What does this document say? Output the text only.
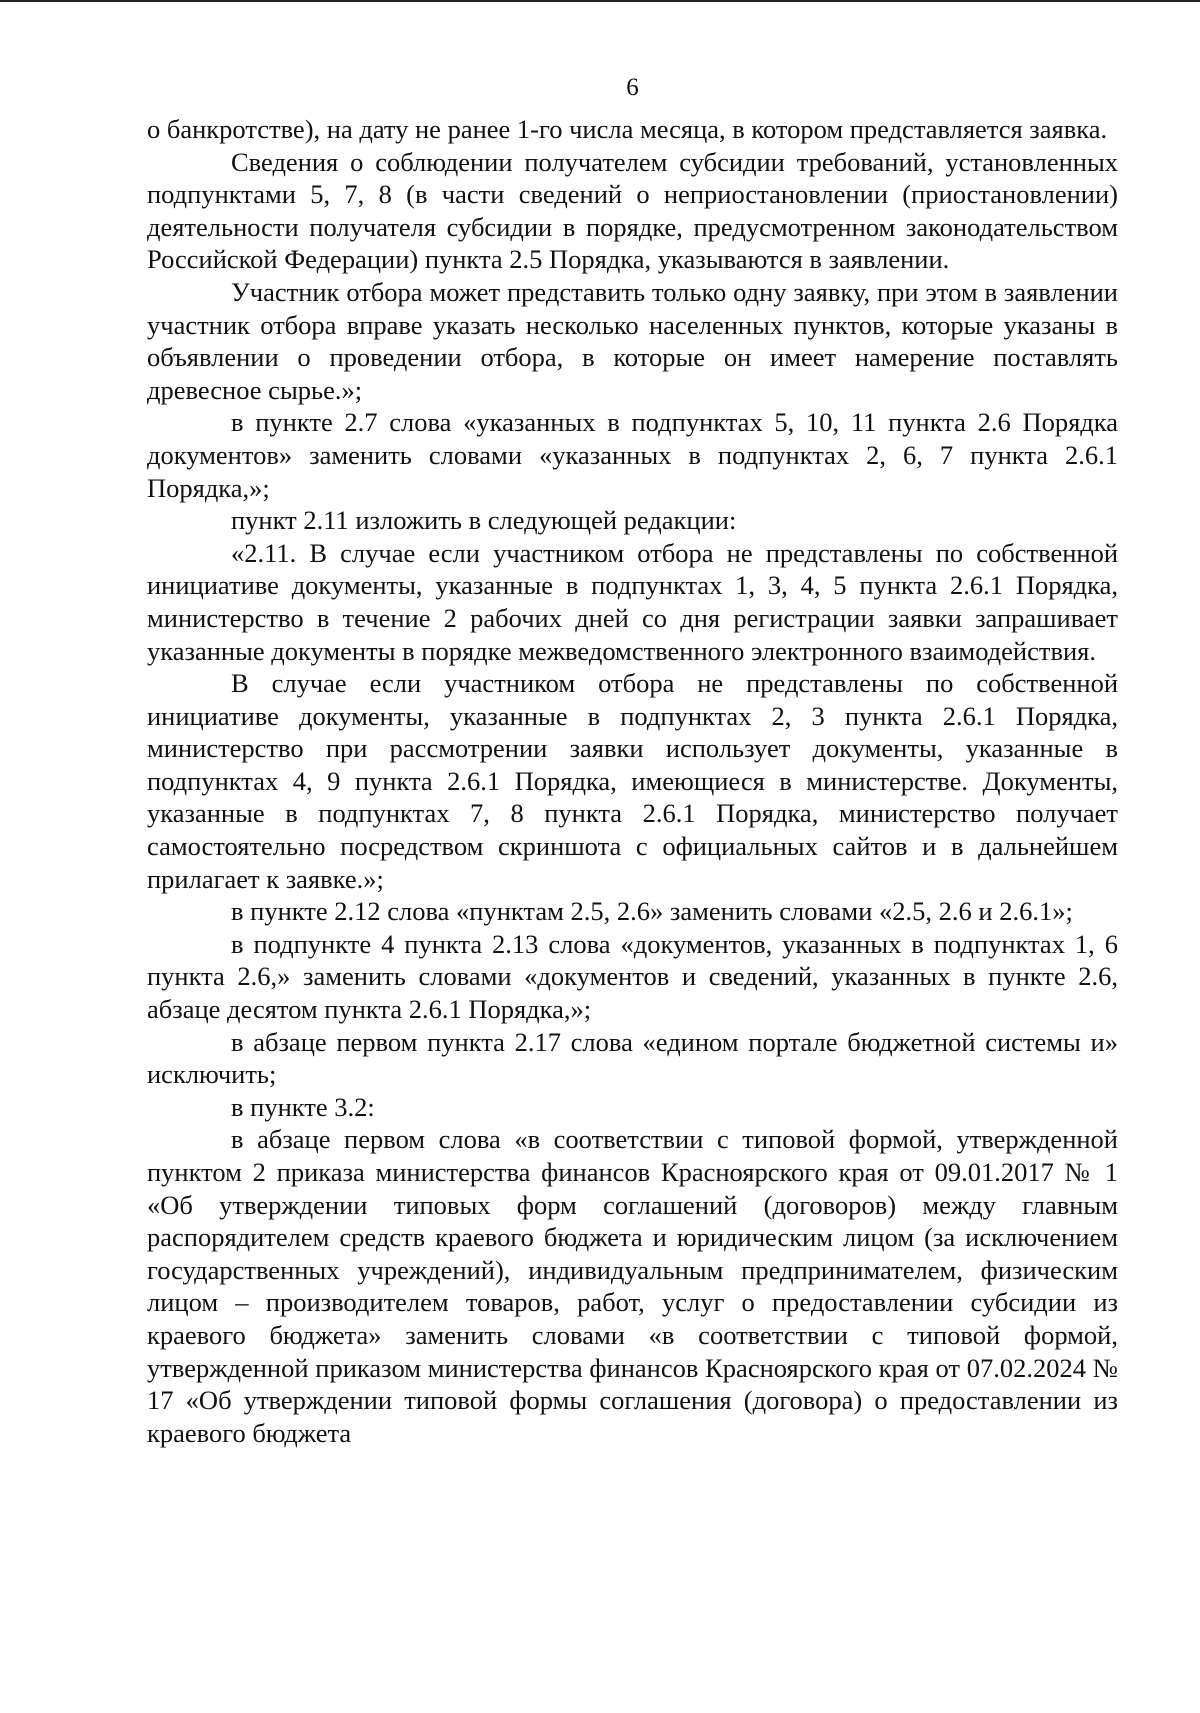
6

о банкротстве), на дату не ранее 1-го числа месяца, в котором представляется заявка.

Сведения о соблюдении получателем субсидии требований, установленных подпунктами 5, 7, 8 (в части сведений о неприостановлении (приостановлении) деятельности получателя субсидии в порядке, предусмотренном законодательством Российской Федерации) пункта 2.5 Порядка, указываются в заявлении.

Участник отбора может представить только одну заявку, при этом в заявлении участник отбора вправе указать несколько населенных пунктов, которые указаны в объявлении о проведении отбора, в которые он имеет намерение поставлять древесное сырье.»;

в пункте 2.7 слова «указанных в подпунктах 5, 10, 11 пункта 2.6 Порядка документов» заменить словами «указанных в подпунктах 2, 6, 7 пункта 2.6.1 Порядка,»;

пункт 2.11 изложить в следующей редакции:

«2.11. В случае если участником отбора не представлены по собственной инициативе документы, указанные в подпунктах 1, 3, 4, 5 пункта 2.6.1 Порядка, министерство в течение 2 рабочих дней со дня регистрации заявки запрашивает указанные документы в порядке межведомственного электронного взаимодействия.

В случае если участником отбора не представлены по собственной инициативе документы, указанные в подпунктах 2, 3 пункта 2.6.1 Порядка, министерство при рассмотрении заявки использует документы, указанные в подпунктах 4, 9 пункта 2.6.1 Порядка, имеющиеся в министерстве. Документы, указанные в подпунктах 7, 8 пункта 2.6.1 Порядка, министерство получает самостоятельно посредством скриншота с официальных сайтов и в дальнейшем прилагает к заявке.»;

в пункте 2.12 слова «пунктам 2.5, 2.6» заменить словами «2.5, 2.6 и 2.6.1»;

в подпункте 4 пункта 2.13 слова «документов, указанных в подпунктах 1, 6 пункта 2.6,» заменить словами «документов и сведений, указанных в пункте 2.6, абзаце десятом пункта 2.6.1 Порядка,»;

в абзаце первом пункта 2.17 слова «едином портале бюджетной системы и» исключить;

в пункте 3.2:

в абзаце первом слова «в соответствии с типовой формой, утвержденной пунктом 2 приказа министерства финансов Красноярского края от 09.01.2017 № 1 «Об утверждении типовых форм соглашений (договоров) между главным распорядителем средств краевого бюджета и юридическим лицом (за исключением государственных учреждений), индивидуальным предпринимателем, физическим лицом – производителем товаров, работ, услуг о предоставлении субсидии из краевого бюджета» заменить словами «в соответствии с типовой формой, утвержденной приказом министерства финансов Красноярского края от 07.02.2024 № 17 «Об утверждении типовой формы соглашения (договора) о предоставлении из краевого бюджета
